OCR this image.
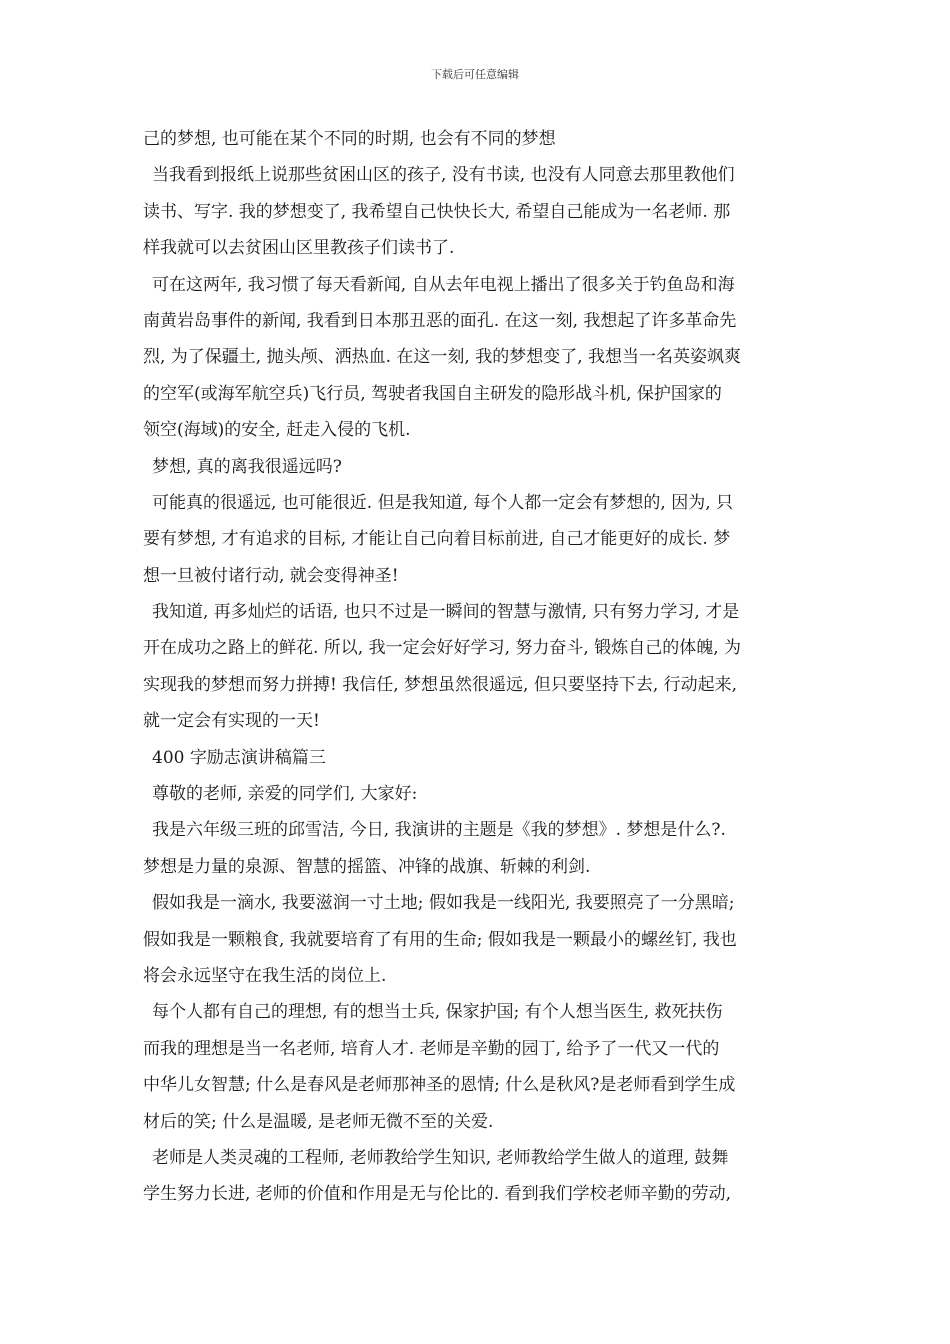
下载后可任意编辑
己的梦想, 也可能在某个不同的时期, 也会有不同的梦想
当我看到报纸上说那些贫困山区的孩子, 没有书读, 也没有人同意去那里教他们
读书、写字. 我的梦想变了, 我希望自己快快长大, 希望自己能成为一名老师. 那
样我就可以去贫困山区里教孩子们读书了.
可在这两年, 我习惯了每天看新闻, 自从去年电视上播出了很多关于钓鱼岛和海
南黄岩岛事件的新闻, 我看到日本那丑恶的面孔. 在这一刻, 我想起了许多革命先
烈, 为了保疆土, 抛头颅、洒热血. 在这一刻, 我的梦想变了, 我想当一名英姿飒爽
的空军(或海军航空兵)飞行员, 驾驶者我国自主研发的隐形战斗机, 保护国家的
领空(海域)的安全, 赶走入侵的飞机.
梦想, 真的离我很遥远吗?
可能真的很遥远, 也可能很近. 但是我知道, 每个人都一定会有梦想的, 因为, 只
要有梦想, 才有追求的目标, 才能让自己向着目标前进, 自己才能更好的成长. 梦
想一旦被付诸行动, 就会变得神圣!
我知道, 再多灿烂的话语, 也只不过是一瞬间的智慧与激情, 只有努力学习, 才是
开在成功之路上的鲜花. 所以, 我一定会好好学习, 努力奋斗, 锻炼自己的体魄, 为
实现我的梦想而努力拼搏! 我信任, 梦想虽然很遥远, 但只要坚持下去, 行动起来,
就一定会有实现的一天!
400 字励志演讲稿篇三
尊敬的老师, 亲爱的同学们, 大家好:
我是六年级三班的邱雪洁, 今日, 我演讲的主题是《我的梦想》. 梦想是什么?.
梦想是力量的泉源、智慧的摇篮、冲锋的战旗、斩棘的利剑.
假如我是一滴水, 我要滋润一寸土地; 假如我是一线阳光, 我要照亮了一分黑暗;
假如我是一颗粮食, 我就要培育了有用的生命; 假如我是一颗最小的螺丝钉, 我也
将会永远坚守在我生活的岗位上.
每个人都有自己的理想, 有的想当士兵, 保家护国; 有个人想当医生, 救死扶伤
而我的理想是当一名老师, 培育人才. 老师是辛勤的园丁, 给予了一代又一代的
中华儿女智慧; 什么是春风是老师那神圣的恩情; 什么是秋风?是老师看到学生成
材后的笑; 什么是温暖, 是老师无微不至的关爱.
老师是人类灵魂的工程师, 老师教给学生知识, 老师教给学生做人的道理, 鼓舞
学生努力长进, 老师的价值和作用是无与伦比的. 看到我们学校老师辛勤的劳动,
